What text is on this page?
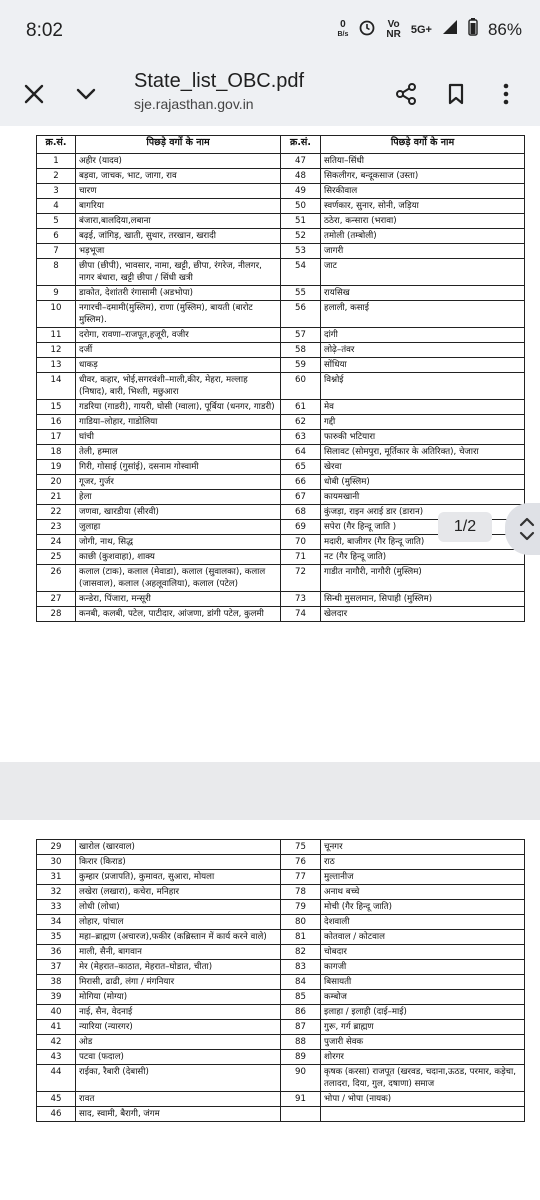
8:02	0
B/s
Vo
NR 5G+	86%
State_list_OBC.pdf
sje.rajasthan.gov.in
क्र.सं.	पिछड़े वर्गो के नाम	क्र.सं.	पिछड़े वर्गो के नाम
1	अहीर (यादव)	47	सतिया–सिंधी
2	बड़वा, जाचक, भाट, जागा, राव	48	सिकलीगर, बन्दूकसाज (उस्ता)
3	चारण	49	सिरकीवाल
4	बागरिया	50	स्वर्णकार, सुनार, सोनी, जड़िया
5	बंजारा,बालदिया,लबाना	51	ठठेरा, कन्सारा (भरावा)
6	बढ़ई, जांगिड़, खाती, सुथार, तरखान, खरादी	52	तमोली (तम्बोली)
7	भड़भूजा	53	जागरी
8	छीपा (छीपी), भावसार, नामा, खट्टी, छीपा, रंगरेज, नीलगर, नागर बंधारा, खट्टी छीपा / सिंधी खत्री	54	जाट
9	डाकोत, देशांतरी रंगासामी (अडभोपा)	55	रायसिख
10	नगारची–दमामी(मुस्लिम), राणा (मुस्लिम), बायती (बारोट मुस्लिम).	56	हलाली, कसाई
11	दरोगा, रावणा–राजपूत,हजूरी, वजीर	57	दांगी
12	दर्जी	58	लोढ़े–तंवर
13	धाकड़	59	सोंधिया
14	धीवर, कहार, भोई,सगरवंशी–माली,कीर, मेहरा, मल्लाह (निषाद), बारी, भिश्ती, मछुआरा	60	विश्नोई
15	गडरिया (गाडरी), गायरी, घोसी (ग्वाला), पूर्बिया (धनगर, गाडरी)	61	मेव
16	गाडिया–लोहार, गाडोलिया	62	गद्दी
17	घांची	63	फारुकी भटियारा
18	तेली, हम्माल	64	सिलावट (सोमपुरा, मूर्तिकार के अतिरिक्त), चेजारा
19	गिरी, गोसाई (गुसांई), दसनाम गोस्वामी	65	खेरवा
20	गूजर, गुर्जर	66	धोबी (मुस्लिम)
21	हेला	67	कायमखानी
22	जणवा, खारडीया (सीरवी)	68	कुंजड़ा, राइन अराई डार (डारान)
23	जुलाहा	69	सपेरा (गैर हिन्दू जाति )
24	जोगी, नाथ, सिद्ध	70	मदारी, बाजीगर (गैर हिन्दू जाति)
25	काछी (कुशवाहा), शाक्य	71	नट (गैर हिन्दू जाति)
26	कलाल (टाक), कलाल (मेवाडा), कलाल (सुवालका), कलाल (जासवाल), कलाल (अहलूवालिया), कलाल (पटेल)	72	गाडीत नागौरी, नागौरी (मुस्लिम)
27	कन्डेरा, पिंजारा, मन्सूरी	73	सिन्धी मुसलमान, सिपाही (मुस्लिम)
28	कनबी, कलबी, पटेल, पाटीदार, आंजणा, डांगी पटेल, कुलमी	74	खेलदार
29	खारोल (खारवाल)	75	चूनगर
30	किरार (किराड)	76	राठ
31	कुम्हार (प्रजापति), कुमावत, सुआरा, मोयला	77	मुल्तानीज
32	लखेरा (लखारा), कचेरा, मनिहार	78	अनाथ बच्चे
33	लोधी (लोधा)	79	मोची (गैर हिन्दू जाति)
34	लोहार, पांचाल	80	देशवाली
35	महा–ब्राह्मण (अचारज),फकीर (कब्रिस्तान में कार्य करने वाले)	81	कोतवाल / कोटवाल
36	माली, सैनी, बागवान	82	चोबदार
37	मेर (मेहरात–काठात, मेहरात–घोडात, चीता)	83	कागजी
38	मिरासी, ढाढी, लंगा / मंगनियार	84	बिसायती
39	मोगिया (मोग्या)	85	कम्बोज
40	नाई, सैन, वेदनाई	86	इलाहा / इलाही (दाई–माई)
41	न्यारिया (न्यारगर)	87	गुरू, गर्ग ब्राह्मण
42	ओड	88	पुजारी सेवक
43	पटवा (फदाल)	89	शोरगर
44	राईका, रैबारी (देबासी)	90	कृषक (करसा) राजपूत (खरवड, चदाना,ऊठड, परमार, कड़ेचा, तलादरा, दिया, गुल, दषाणा) समाज
45	रावत	91	भोपा / भोपा (नायक)
46	साद, स्वामी, बैरागी, जंगम		
1/2
